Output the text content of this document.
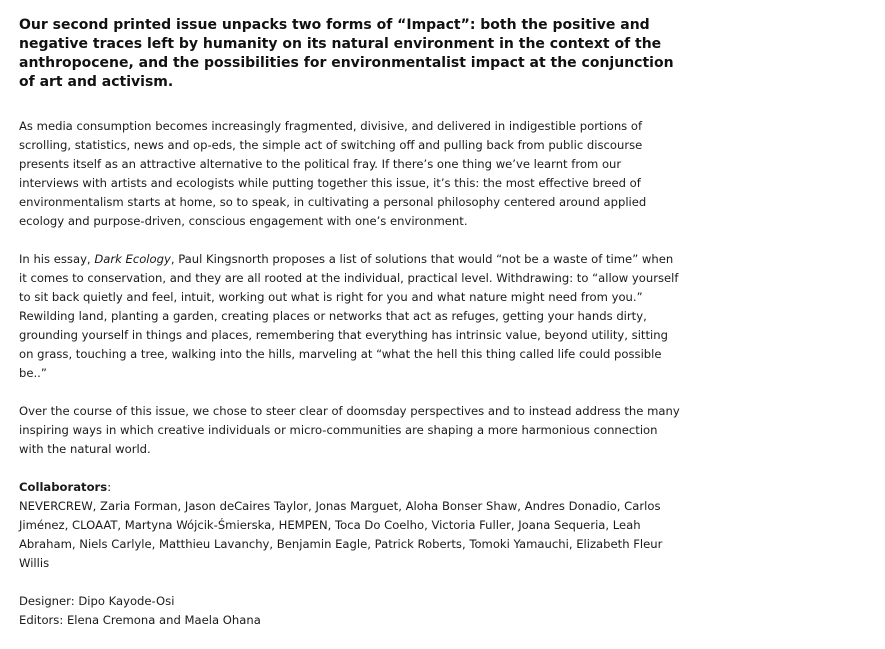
Our second printed issue unpacks two forms of “Impact”: both the positive and negative traces left by humanity on its natural environment in the context of the anthropocene, and the possibilities for environmentalist impact at the conjunction of art and activism.

As media consumption becomes increasingly fragmented, divisive, and delivered in indigestible portions of scrolling, statistics, news and op-eds, the simple act of switching off and pulling back from public discourse presents itself as an attractive alternative to the political fray. If there’s one thing we’ve learnt from our interviews with artists and ecologists while putting together this issue, it’s this: the most effective breed of environmentalism starts at home, so to speak, in cultivating a personal philosophy centered around applied ecology and purpose-driven, conscious engagement with one’s environment.

In his essay, Dark Ecology, Paul Kingsnorth proposes a list of solutions that would “not be a waste of time” when it comes to conservation, and they are all rooted at the individual, practical level. Withdrawing: to “allow yourself to sit back quietly and feel, intuit, working out what is right for you and what nature might need from you.” Rewilding land, planting a garden, creating places or networks that act as refuges, getting your hands dirty, grounding yourself in things and places, remembering that everything has intrinsic value, beyond utility, sitting on grass, touching a tree, walking into the hills, marveling at “what the hell this thing called life could possible be..”

Over the course of this issue, we chose to steer clear of doomsday perspectives and to instead address the many inspiring ways in which creative individuals or micro-communities are shaping a more harmonious connection with the natural world.

Collaborators:
NEVERCREW, Zaria Forman, Jason deCaires Taylor, Jonas Marguet, Aloha Bonser Shaw, Andres Donadio, Carlos Jiménez, CLOAAT, Martyna Wójcik-Śmierska, HEMPEN, Toca Do Coelho, Victoria Fuller, Joana Sequeria, Leah Abraham, Niels Carlyle, Matthieu Lavanchy, Benjamin Eagle, Patrick Roberts, Tomoki Yamauchi, Elizabeth Fleur Willis

Designer: Dipo Kayode-Osi
Editors: Elena Cremona and Maela Ohana
